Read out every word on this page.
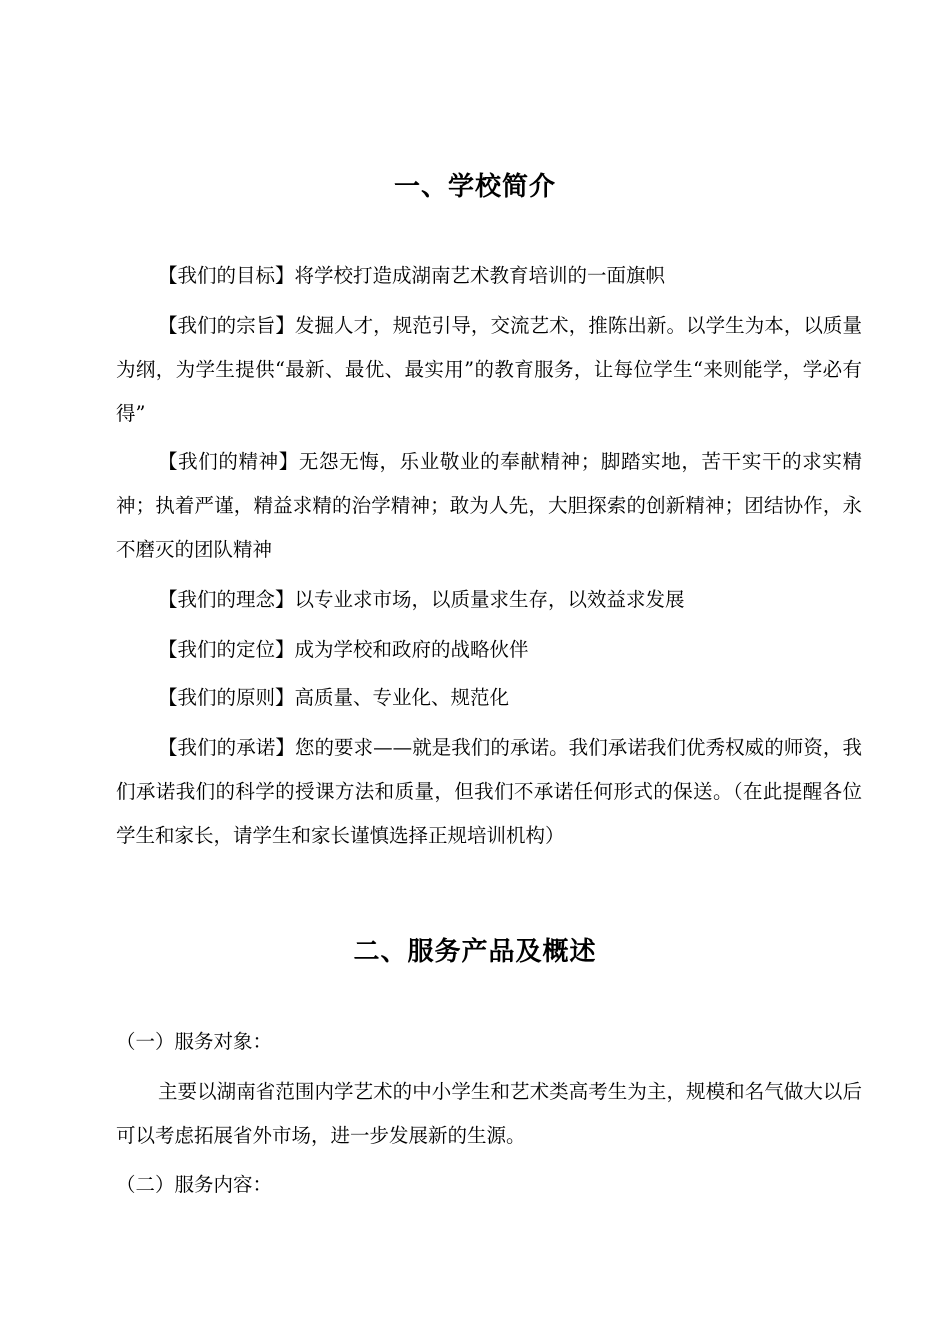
一、学校简介
【我们的目标】将学校打造成湖南艺术教育培训的一面旗帜
【我们的宗旨】发掘人才，规范引导，交流艺术，推陈出新。以学生为本，以质量为纲，为学生提供“最新、最优、最实用”的教育服务，让每位学生“来则能学，学必有得”
【我们的精神】无怨无悔，乐业敬业的奉献精神；脚踏实地，苦干实干的求实精神；执着严谨，精益求精的治学精神；敢为人先，大胆探索的创新精神；团结协作，永不磨灭的团队精神
【我们的理念】以专业求市场，以质量求生存，以效益求发展
【我们的定位】成为学校和政府的战略伙伴
【我们的原则】高质量、专业化、规范化
【我们的承诺】您的要求——就是我们的承诺。我们承诺我们优秀权威的师资，我们承诺我们的科学的授课方法和质量，但我们不承诺任何形式的保送。（在此提醒各位学生和家长，请学生和家长谨慎选择正规培训机构）
二、服务产品及概述
（一）服务对象：
主要以湖南省范围内学艺术的中小学生和艺术类高考生为主，规模和名气做大以后可以考虑拓展省外市场，进一步发展新的生源。
（二）服务内容：
